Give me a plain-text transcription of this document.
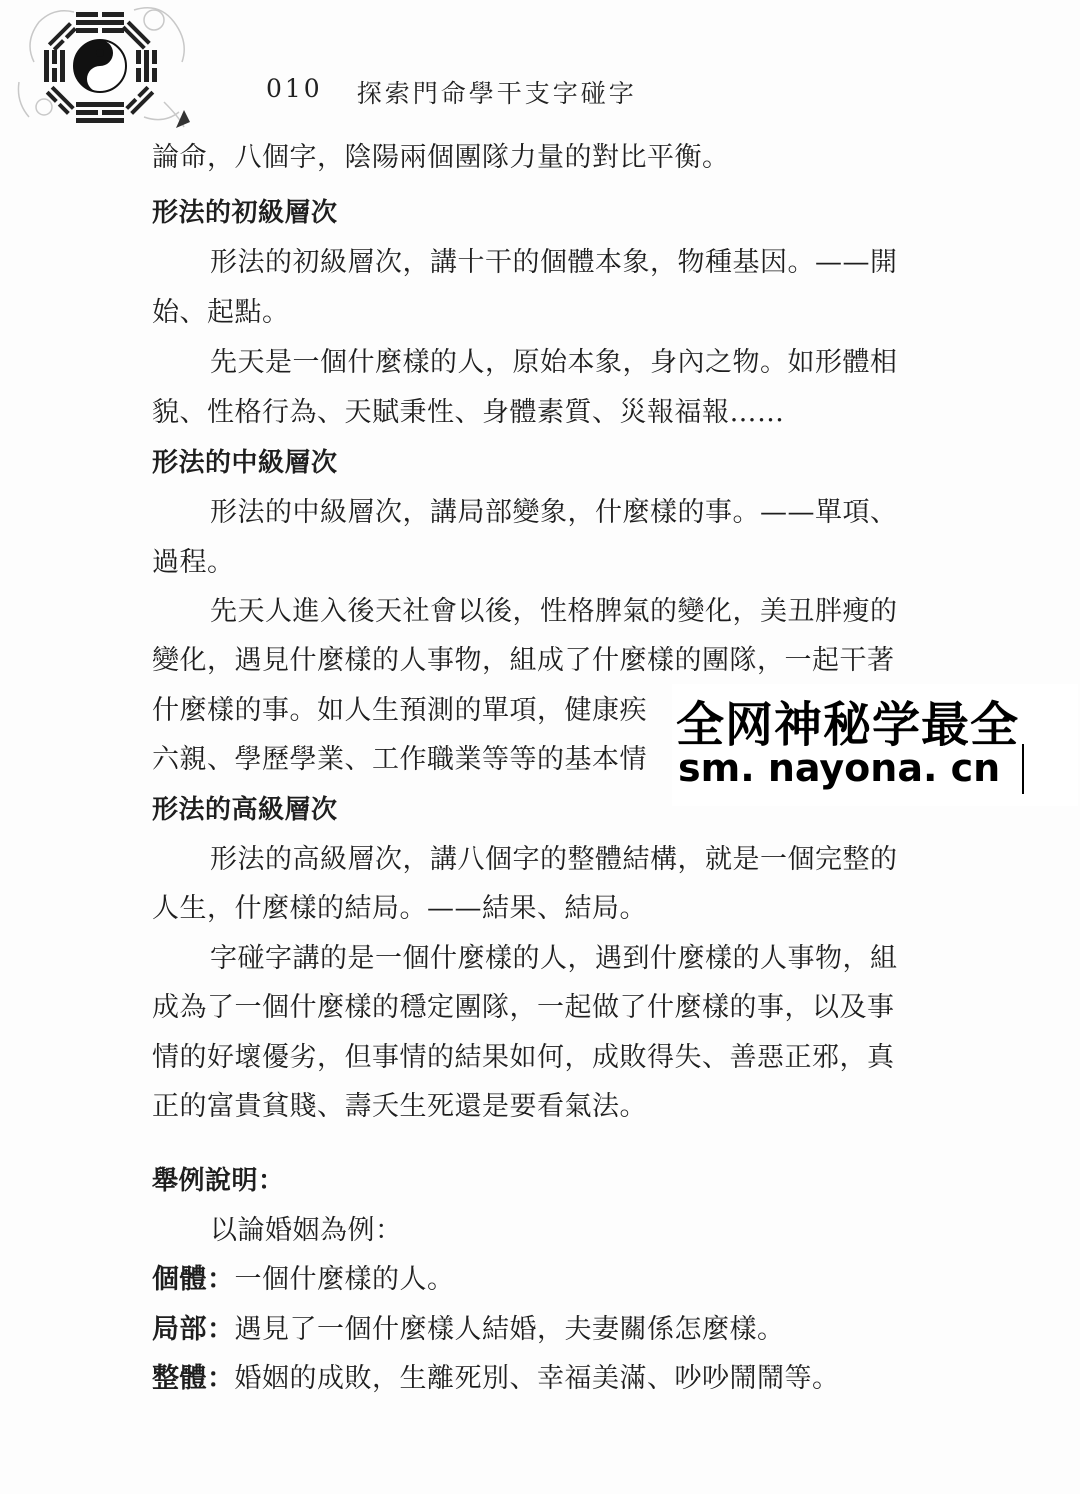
010 探索門命學干支字碰字
論命，八個字，陰陽兩個團隊力量的對比平衡。
形法的初級層次
形法的初級層次，講十干的個體本象，物種基因。——開
始、起點。
先天是一個什麼樣的人，原始本象，身內之物。如形體相
貌、性格行為、天賦秉性、身體素質、災報福報……
形法的中級層次
形法的中級層次，講局部變象，什麼樣的事。——單項、
過程。
先天人進入後天社會以後，性格脾氣的變化，美丑胖瘦的
變化，遇見什麼樣的人事物，組成了什麼樣的團隊，一起干著
什麼樣的事。如人生預測的單項，健康疾
六親、學歷學業、工作職業等等的基本情
形法的高級層次
形法的高級層次，講八個字的整體結構，就是一個完整的
人生，什麼樣的結局。——結果、結局。
字碰字講的是一個什麼樣的人，遇到什麼樣的人事物，組
成為了一個什麼樣的穩定團隊，一起做了什麼樣的事，以及事
情的好壞優劣，但事情的結果如何，成敗得失、善惡正邪，真
正的富貴貧賤、壽夭生死還是要看氣法。
舉例說明：
以論婚姻為例：
個體：一個什麼樣的人。
局部：遇見了一個什麼樣人結婚，夫妻關係怎麼樣。
整體：婚姻的成敗，生離死別、幸福美滿、吵吵鬧鬧等。
全网神秘学最全
sm. nayona. cn
